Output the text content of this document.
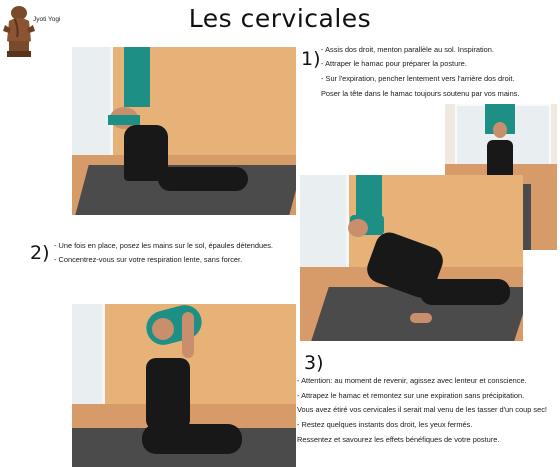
Jyoti Yogi	Les cervicales
1) - Assis dos droit, menton parallèle au sol. Inspiration.
- Attraper le hamac pour préparer la posture.
- Sur l'expiration, pencher lentement vers l'arrière dos droit.
Poser la tête dans le hamac toujours soutenu par vos mains.
2) - Une fois en place, posez les mains sur le sol, épaules détendues.
- Concentrez-vous sur votre respiration lente, sans forcer.
3)
- Attention: au moment de revenir, agissez avec lenteur et conscience.
- Attrapez le hamac et remontez sur une expiration sans précipitation.
Vous avez étiré vos cervicales il serait mal venu de les tasser d'un coup sec!
- Restez quelques instants dos droit, les yeux fermés.
Ressentez et savourez les effets bénéfiques de votre posture.
